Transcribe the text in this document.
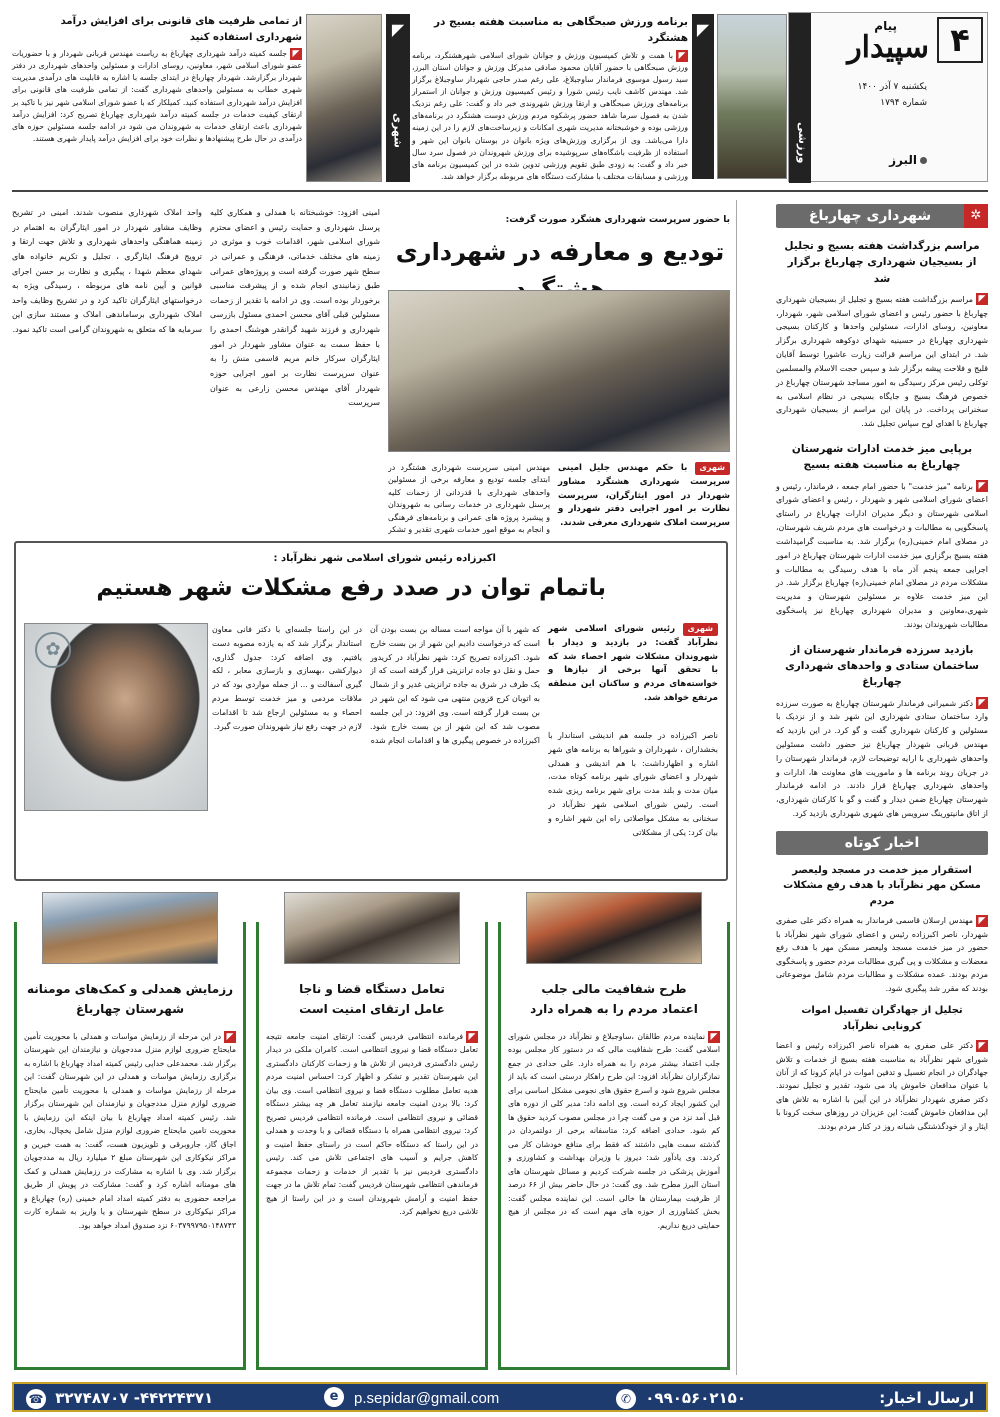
۴
پیام
سپیدار
یکشنبه ۷ آذر ۱۴۰۰
شماره ۱۷۹۴
البرز
ورزشی
◤
برنامه ورزش صبحگاهی به مناسبت هفته بسیج در هشتگرد
◤با همت و تلاش کمیسیون ورزش و جوانان شورای اسلامی شهرهشتگرد، برنامه ورزش صبحگاهی با حضور آقایان محمود صادقی مدیرکل ورزش و جوانان استان البرز، سید رسول موسوی فرماندار ساوجبلاغ، علی رغم صدر حاجی شهردار ساوجبلاغ برگزار شد. مهندس کاشف نایب رئیس شورا و رئیس کمیسیون ورزش و جوانان از استمرار برنامه‌های ورزش صبحگاهی و ارتقا ورزش شهروندی خبر داد و گفت: علی رغم نزدیک شدن به فصول سرما شاهد حضور پرشکوه مردم ورزش دوست هشتگرد در برنامه‌های ورزشی بوده و خوشبختانه مدیریت شهری امکانات و زیرساخت‌های لازم را در این زمینه دارا می‌باشد. وی از برگزاری ورزش‌های ویژه بانوان در بوستان بانوان این شهر و استفاده از ظرفیت باشگاه‌های سرپوشیده برای ورزش شهروندان در فصول سرد سال خبر داد و گفت: به زودی طبق تقویم ورزشی تدوین شده در این کمیسیون برنامه های ورزشی و مسابقات مختلف با مشارکت دستگاه های مربوطه برگزار خواهد شد.
◤
شهری
از تمامی ظرفیت های قانونی برای افزایش درآمد شهرداری استفاده کنید
◤جلسه کمیته درآمد شهرداری چهارباغ به ریاست مهندس قربانی شهردار و با حضوریات عضو شورای اسلامی شهر، معاونین، روسای ادارات و مسئولین واحدهای شهرداری در دفتر شهردار برگزارشد. شهردار چهارباغ در ابتدای جلسه با اشاره به قابلیت های درآمدی مدیریت شهری خطاب به مسئولین واحدهای شهرداری گفت: از تمامی ظرفیت های قانونی برای افزایش درآمد شهرداری استفاده کنید. کمیلکار که با عضو شورای اسلامی شهر نیز با تاکید بر ارتقای کیفیت خدمات در جلسه کمیته درآمد شهرداری چهارباغ تصریح کرد: افزایش درآمد شهرداری باعث ارتقای خدمات به شهروندان می شود در ادامه جلسه مسئولین حوزه های درآمدی در حال طرح پیشنهادها و نظرات خود برای افزایش درآمد پایدار شهری هستند.
✲
شهرداری چهارباغ
مراسم بزرگداشت هفته بسیج و تجلیل از بسیجیان شهرداری چهارباغ برگزار شد
◤مراسم بزرگداشت هفته بسیج و تجلیل از بسیجیان شهرداری چهارباغ با حضور رئیس و اعضای شورای اسلامی شهر، شهردار، معاونین، روسای ادارات، مسئولین واحدها و کارکنان بسیجی شهرداری چهارباغ در حسینیه شهدای دوکوهه شهرداری برگزار شد. در ابتدای این مراسم قرائت زیارت عاشورا توسط آقایان قلیج و فلاحت پیشه برگزار شد و سپس حجت الاسلام والمسلمین توکلی رئیس مرکز رسیدگی به امور مساجد شهرستان چهارباغ در خصوص فرهنگ بسیج و جایگاه بسیجی در نظام اسلامی به سخنرانی پرداخت. در پایان این مراسم از بسیجیان شهرداری چهارباغ با اهدای لوح سپاس تجلیل شد.
برپایی میز خدمت ادارات شهرستان چهارباغ به مناسبت هفته بسیج
◤برنامه "میز خدمت" با حضور امام جمعه ، فرماندار، رئیس و اعضای شورای اسلامی شهر و شهردار ، رئیس و اعضای شورای اسلامی شهرستان و دیگر مدیران ادارات چهارباغ در راستای پاسخگویی به مطالبات و درخواست های مردم شریف شهرستان، در مصلای امام خمینی(ره) برگزار شد. به مناسبت گرامیداشت هفته بسیج برگزاری میز خدمت ادارات شهرستان چهارباغ در امور اجرایی جمعه پنجم آذر ماه با هدف رسیدگی به مطالبات و مشکلات مردم در مصلای امام خمینی(ره) چهارباغ برگزار شد. در این میز خدمت علاوه بر مسئولین شهرستان و مدیریت شهری،معاونین و مدیران شهرداری چهارباغ نیز پاسخگوی مطالبات شهروندان بودند.
بازدید سرزده فرماندار شهرستان از ساختمان ستادی و واحدهای شهرداری چهارباغ
◤دکتر شمیرانی فرماندار شهرستان چهارباغ به صورت سرزده وارد ساختمان ستادی شهرداری این شهر شد و از نزدیک با مسئولین و کارکنان شهرداری گفت و گو کرد. در این بازدید که مهندس قربانی شهردار چهارباغ نیز حضور داشت مسئولین واحدهای شهرداری با ارایه توضیحات لازم، فرماندار شهرستان را در جریان روند برنامه ها و ماموریت های معاونت ها، ادارات و واحدهای شهرداری چهارباغ قرار دادند. در ادامه فرماندار شهرستان چهارباغ ضمن دیدار و گفت و گو با کارکنان شهرداری، از اتاق مانیتورینگ سرویس های شهری شهرداری بازدید کرد.
اخبار کوتاه
استقرار میز خدمت در مسجد ولیعصر مسکن مهر نظرآباد با هدف رفع مشکلات مردم
◤مهندس ارسلان قاسمی فرماندار به همراه دکتر علی صفری شهردار، ناصر اکبرزاده رئیس و اعضای شورای شهر نظرآباد با حضور در میز خدمت مسجد ولیعصر مسکن مهر با هدف رفع معضلات و مشکلات و پی گیری مطالبات مردم حضور و پاسخگوی مردم بودند. عمده مشکلات و مطالبات مردم شامل موضوعاتی بودند که مقرر شد پیگیری شود.
تجلیل از جهادگران تفسیل اموات کرونایی نظرآباد
◤دکتر علی صفری به همراه ناصر اکبرزاده رئیس و اعضا شورای شهر نظرآباد به مناسبت هفته بسیج از خدمات و تلاش جهادگران در انجام تغسیل و تدفین اموات در ایام کرونا که از آنان با عنوان مدافعان خاموش یاد می شود، تقدیر و تجلیل نمودند. دکتر صفری شهردار نظرآباد در این آیین با اشاره به تلاش های این مدافعان خاموش گفت: این عزیزان در روزهای سخت کرونا با ایثار و از خودگذشتگی شبانه روز در کنار مردم بودند.
با حضور سرپرست شهرداری هشگرد صورت گرفت:
تودیع و معارفه در شهرداری
شهری با حکم مهندس جلیل امینی سرپرست شهرداری هشتگرد مشاور شهردار در امور ایثارگران، سرپرست نظارت بر امور اجرایی دفتر شهردار و سرپرست املاک شهرداری معرفی شدند.
مهندس امینی سرپرست شهرداری هشتگرد در ابتدای جلسه تودیع و معارفه برخی از مسئولین واحدهای شهرداری با قدردانی از زحمات کلیه پرسنل شهرداری در خدمات رسانی به شهروندان و پیشبرد پروژه های عمرانی و برنامه‌های فرهنگی و انجام به موقع امور خدمات شهری تقدیر و تشکر
امینی افزود: خوشبختانه با همدلی و همکاری کلیه پرسنل شهرداری و حمایت رئیس و اعضای محترم شورای اسلامی شهر، اقدامات خوب و موثری در زمینه های مختلف خدماتی، فرهنگی و عمرانی در سطح شهر صورت گرفته است و پروژه‌های عمرانی طبق زمانبندی انجام شده و از پیشرفت مناسبی برخوردار بوده است. وی در ادامه با تقدیر از زحمات مسئولین قبلی آقای محسن احمدی مسئول بازرسی شهرداری و فرزند شهید گرانقدر هوشنگ احمدی را با حفظ سمت به عنوان مشاور شهردار در امور ایثارگران سرکار خانم مریم قاسمی منش را به عنوان سرپرست نظارت بر امور اجرایی حوزه شهردار آقای مهندس محسن زارعی به عنوان سرپرست
واحد املاک شهرداری منصوب شدند. امینی در تشریح وظایف مشاور شهردار در امور ایثارگران به اهتمام در زمینه هماهنگی واحدهای شهرداری و تلاش جهت ارتقا و ترویج فرهنگ ایثارگری ، تجلیل و تکریم خانواده های شهدای معظم شهدا ، پیگیری و نظارت بر حسن اجرای قوانین و آیین نامه های مربوطه ، رسیدگی ویژه به درخواستهای ایثارگران تاکید کرد و در تشریح وظایف واحد املاک شهرداری برساماندهی املاک و مستند سازی این سرمایه ها که متعلق به شهروندان گرامی است تاکید نمود.
اکبرزاده رئیس شورای اسلامی شهر نظرآباد :
باتمام توان در صدد رفع مشکلات شهر هستیم
شهری رئیس شورای اسلامی شهر نظرآباد گفت: در بازدید و دیدار با شهروندان مشکلات شهر احصاء شد که با تحقق آنها برخی از نیازها و خواسته‌های مردم و ساکنان این منطقه مرتفع خواهد شد.
ناصر اکبرزاده در جلسه هم اندیشی استاندار با بخشداران ، شهرداران و شوراها به برنامه های شهر اشاره و اظهارداشت: با هم اندیشی و همدلی شهردار و اعضای شورای شهر برنامه کوتاه مدت، میان مدت و بلند مدت برای شهر برنامه ریزی شده است. رئیس شورای اسلامی شهر نظرآباد در سخنانی به مشکل مواصلاتی راه این شهر اشاره و بیان کرد: یکی از مشکلاتی
که شهر با آن مواجه است مساله بن بست بودن آن است که درخواست دادیم این شهر از بن بست خارج شود. اکبرزاده تصریح کرد: شهر نظرآباد در کریدور حمل و نقل دو جاده ترانزیتی قرار گرفته است که از یک طرف در شرق به جاده ترانزیتی غدیر و از شمال به اتوبان کرج قزوین منتهی می شود که این شهر در بن بست قرار گرفته است. وی افزود: در این جلسه مصوب شد که این شهر از بن بست خارج شود. اکبرزاده در خصوص پیگیری ها و اقدامات انجام شده
در این راستا جلسه‌ای با دکتر فانی معاون استاندار برگزار شد که به یازده مصوبه دست یافتیم. وی اضافه کرد: جدول گذاری، دیوارکشی ،بهسازی و بازسازی معابر ، لکه گیری آسفالت و ... از جمله مواردی بود که در ملاقات مردمی و میز خدمت توسط مردم احصاء و به مسئولین ارجاع شد تا اقدامات لازم در جهت رفع نیاز شهروندان صورت گیرد.
✿
طرح شفافیت مالی جلب
اعتماد مردم را به همراه دارد
◤نماینده مردم طالقان ،ساوجبلاغ و نظرآباد در مجلس شورای اسلامی گفت: طرح شفافیت مالی که در دستور کار مجلس بوده جلب اعتماد بیشتر مردم را به همراه دارد. علی حدادی در جمع نمازگزاران نظرآباد افزود: این طرح راهکار درستی است که باید از مجلس شروع شود و اسرع حقوق های نجومی مشکل اساسی برای این کشور ایجاد کرده است. وی ادامه داد: مدیر کلی از دوره های قبل آمد نزد من و می گفت چرا در مجلس مصوب کردید حقوق ها کم شود. حدادی اضافه کرد: متاسفانه برخی از دولتمردان در گذشته سمت هایی داشتند که فقط برای منافع خودشان کار می کردند. وی یادآور شد: دیروز با وزیران بهداشت و کشاورزی و آموزش پزشکی در جلسه شرکت کردیم و مسائل شهرستان های استان البرز مطرح شد. وی گفت: در حال حاضر بیش از ۶۶ درصد از ظرفیت بیمارستان ها خالی است. این نماینده مجلس گفت: بخش کشاورزی از حوزه های مهم است که در مجلس از هیچ حمایتی دریغ نداریم.
تعامل دستگاه قضا و ناجا
عامل ارتقای امنیت است
◤فرمانده انتظامی فردیس گفت: ارتقای امنیت جامعه نتیجه تعامل دستگاه قضا و نیروی انتظامی است. کامران ملکی در دیدار رئیس دادگستری فردیس از تلاش ها و زحمات کارکنان دادگستری این شهرستان تقدیر و تشکر و اظهار کرد: احساس امنیت مردم هدیه تعامل مطلوب دستگاه قضا و نیروی انتظامی است. وی بیان کرد: بالا بردن امنیت جامعه نیازمند تعامل هر چه بیشتر دستگاه قضائی و نیروی انتظامی است. فرمانده انتظامی فردیس تصریح کرد: نیروی انتظامی همراه با دستگاه قضائی و با وحدت و همدلی در این راستا که دستگاه حاکم است در راستای حفظ امنیت و کاهش جرایم و آسیب های اجتماعی تلاش می کند. رئیس دادگستری فردیس نیز با تقدیر از خدمات و زحمات مجموعه فرماندهی انتظامی شهرستان فردیس گفت: تمام تلاش ما در جهت حفظ امنیت و آرامش شهروندان است و در این راستا از هیچ تلاشی دریغ نخواهیم کرد.
رزمایش همدلی و کمک‌های مومنانه
شهرستان چهارباغ
◤در این مرحله از رزمایش مواسات و همدلی با محوریت تأمین مایحتاج ضروری لوازم منزل مددجویان و نیازمندان این شهرستان برگزار شد. محمدعلی خدایی رئیس کمیته امداد چهارباغ با اشاره به برگزاری رزمایش مواسات و همدلی در این شهرستان گفت: این مرحله از رزمایش مواسات و همدلی با محوریت تأمین مایحتاج ضروری لوازم منزل مددجویان و نیازمندان این شهرستان برگزار شد. رئیس کمیته امداد چهارباغ با بیان اینکه این رزمایش با محوریت تامین مایحتاج ضروری لوازم منزل شامل یخچال، بخاری، اجاق گاز، جاروبرقی و تلویزیون هست، گفت: به همت خیرین و مراکز نیکوکاری این شهرستان مبلغ ۲ میلیارد ریال به مددجویان برگزار شد. وی با اشاره به مشارکت در رزمایش همدلی و کمک های مومنانه اشاره کرد و گفت: مشارکت در پویش از طریق مراجعه حضوری به دفتر کمیته امداد امام خمینی (ره) چهارباغ و مراکز نیکوکاری در سطح شهرستان و یا واریز به شماره کارت ۶۰۳۷۹۹۷۹۵۰۱۴۸۷۴۳ نزد صندوق امداد خواهد بود.
ارسال اخبار:
۰۹۹۰۵۶۰۲۱۵۰ ✆
p.sepidar@gmail.com
e
۴۴۲۲۴۳۷۱- ۳۲۷۴۸۷۰۷ ☎
